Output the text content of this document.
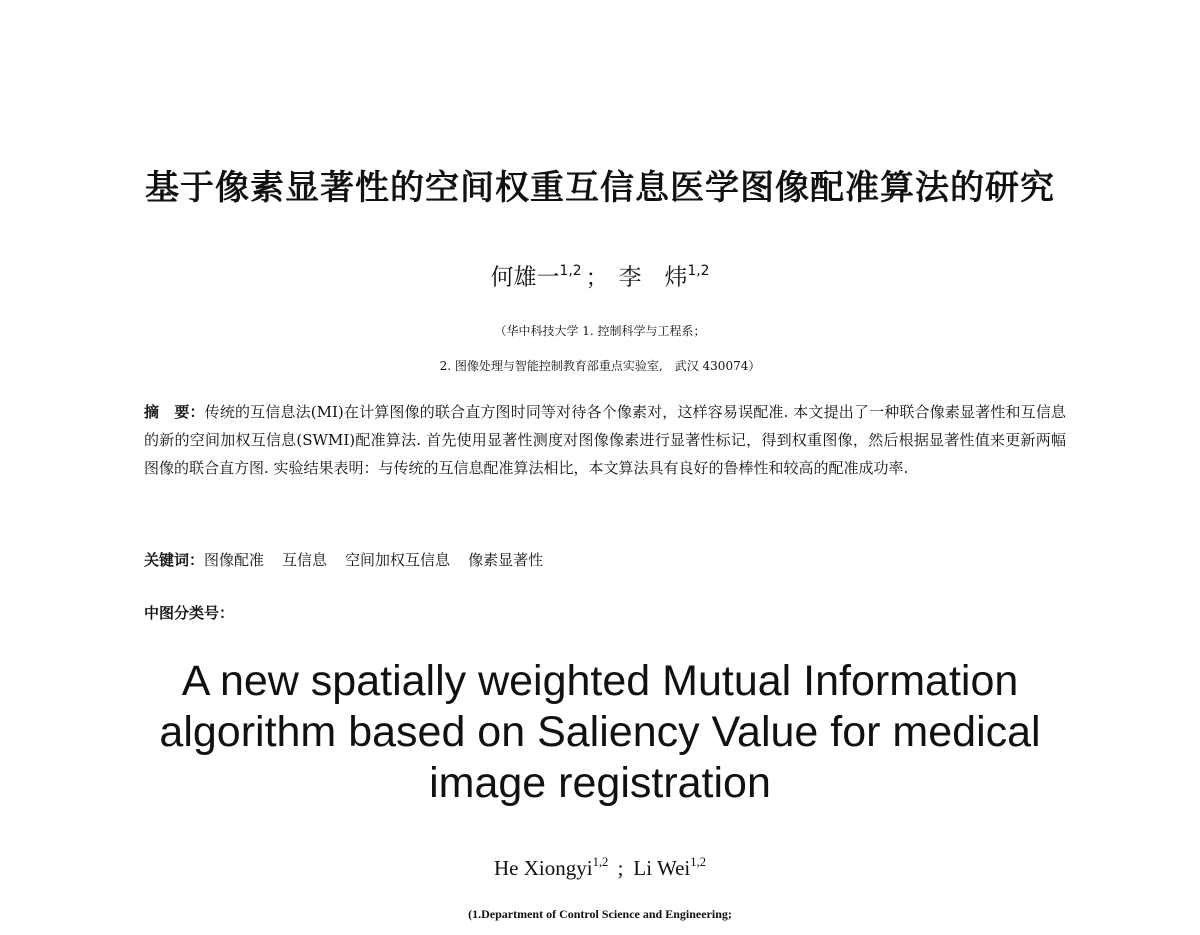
基于像素显著性的空间权重互信息医学图像配准算法的研究
何雄一$^{1,2}$ ； 李　炜$^{1,2}$
（华中科技大学 1. 控制科学与工程系；
2. 图像处理与智能控制教育部重点实验室,　武汉 430074）
摘　要：传统的互信息法(MI)在计算图像的联合直方图时同等对待各个像素对，这样容易误配准. 本文提出了一种联合像素显著性和互信息的新的空间加权互信息(SWMI)配准算法. 首先使用显著性测度对图像像素进行显著性标记，得到权重图像，然后根据显著性值来更新两幅图像的联合直方图. 实验结果表明：与传统的互信息配准算法相比，本文算法具有良好的鲁棒性和较高的配准成功率.
关键词：图像配准 互信息 空间加权互信息 像素显著性
中图分类号：
A new spatially weighted Mutual Information algorithm based on Saliency Value for medical image registration
He Xiongyi$^{1,2}$ ; Li Wei$^{1,2}$
(1.Department of Control Science and Engineering;
